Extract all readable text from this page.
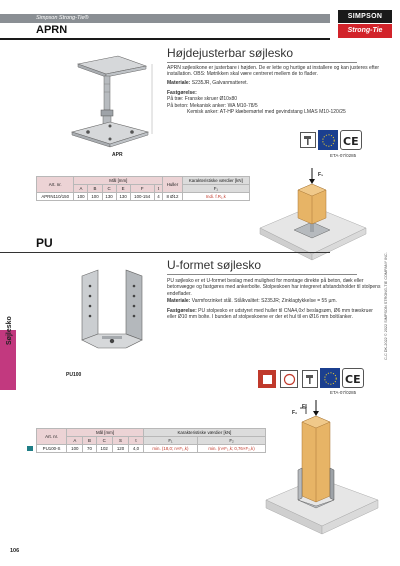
Simpson Strong-Tie®
APRN
SIMPSON
Strong-Tie
APR
Højdejusterbar søjlesko
APRN søjlesikone er justerbare i højden. De er lette og hurtige at installere og kan justeres efter installation. OBS: Møtrikken skal være centreret mellem de to flader.
Materiale: S235JR, Galvanmatteret.
Fastgørelse:
På træ: Franske skruer Ø10x80
På beton: Mekanisk anker: WA M10-78/5
Kemisk anker: AT-HP klæbemørtel med gevindstang LMAS M10-120/25
CE
ETA-07/0285
Art. nr.	Mål [mm]						Huller	Karakteristiske værdier [kN]
	A	B	C	E	F	t		F₁
APRN110/150	100	100	130	130	100-154	4	8 Ø12	Indi. f.R₁,k
F₁
Søjlesko	C-C DK-2022 © 2022 SIMPSON STRONG-TIE COMPANY INC.
PU
PU100
U-formet søjlesko
PU søjlesko er et U-formet beslag med mulighed for montage direkte på beton, dæk eller betonvægge og fastgøres med ankerbolte. Stolpeskoen har integreret afstandsholder til stolpens endeflader.
Materiale: Varmforzinket stål. Stålkvalitet: S235JR; Zinklagtykkelse = 55 µm.
Fastgørelse: PU stolpesko er udstyret med huller til CNA4,0x! beslagsøm, Ø6 mm træskruer eller Ø10 mm bolte. I bunden af stolpeskoene er der et hul til en Ø16 mm bolt/anker.
CE
ETA-07/0285
Art. nr.	Mål [mm]					Karakteristiske værdier [kN]	
	A	B	C	S	t	F₁	F₂
PU100-S	100	70	102	120	4,0	min. (18,0; n×F₁,k)	min. (n×F₁,k; 0,76×F₂,k)
F₁
F₂
106
